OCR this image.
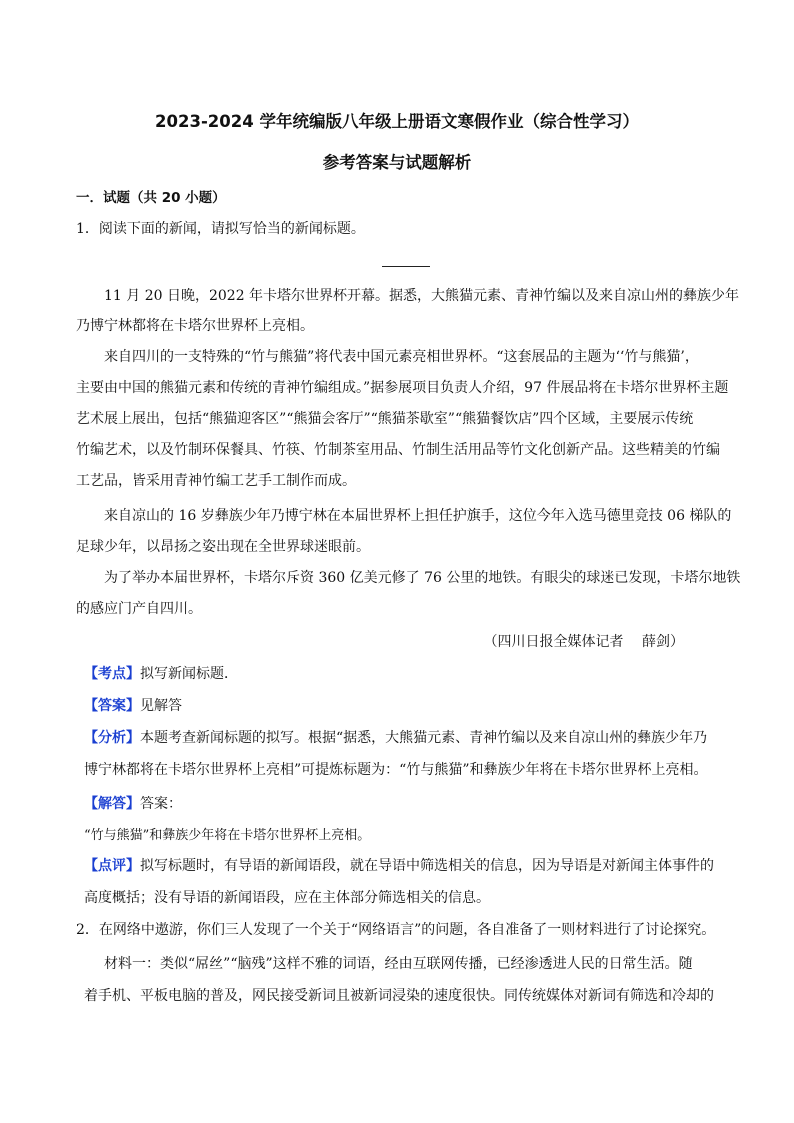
2023-2024 学年统编版八年级上册语文寒假作业（综合性学习）
参考答案与试题解析
一．试题（共 20 小题）
1．阅读下面的新闻，请拟写恰当的新闻标题。
11 月 20 日晚，2022 年卡塔尔世界杯开幕。据悉，大熊猫元素、青神竹编以及来自凉山州的彝族少年
乃博宁林都将在卡塔尔世界杯上亮相。
来自四川的一支特殊的“竹与熊猫”将代表中国元素亮相世界杯。“这套展品的主题为‘‘竹与熊猫’，
主要由中国的熊猫元素和传统的青神竹编组成。”据参展项目负责人介绍，97 件展品将在卡塔尔世界杯主题
艺术展上展出，包括“熊猫迎客区”“熊猫会客厅”“熊猫茶歇室”“熊猫餐饮店”四个区域，主要展示传统
竹编艺术，以及竹制环保餐具、竹筷、竹制茶室用品、竹制生活用品等竹文化创新产品。这些精美的竹编
工艺品，皆采用青神竹编工艺手工制作而成。
来自凉山的 16 岁彝族少年乃博宁林在本届世界杯上担任护旗手，这位今年入选马德里竞技 06 梯队的
足球少年，以昂扬之姿出现在全世界球迷眼前。
为了举办本届世界杯，卡塔尔斥资 360 亿美元修了 76 公里的地铁。有眼尖的球迷已发现，卡塔尔地铁
的感应门产自四川。
（四川日报全媒体记者　 薛剑）
【考点】拟写新闻标题．
【答案】见解答
【分析】本题考查新闻标题的拟写。根据“据悉，大熊猫元素、青神竹编以及来自凉山州的彝族少年乃
博宁林都将在卡塔尔世界杯上亮相”可提炼标题为：“竹与熊猫”和彝族少年将在卡塔尔世界杯上亮相。
【解答】答案：
“竹与熊猫”和彝族少年将在卡塔尔世界杯上亮相。
【点评】拟写标题时，有导语的新闻语段，就在导语中筛选相关的信息，因为导语是对新闻主体事件的
高度概括；没有导语的新闻语段，应在主体部分筛选相关的信息。
2．在网络中遨游，你们三人发现了一个关于“网络语言”的问题，各自准备了一则材料进行了讨论探究。
材料一：类似“屌丝”“脑残”这样不雅的词语，经由互联网传播，已经渗透进人民的日常生活。随
着手机、平板电脑的普及，网民接受新词且被新词浸染的速度很快。同传统媒体对新词有筛选和冷却的
